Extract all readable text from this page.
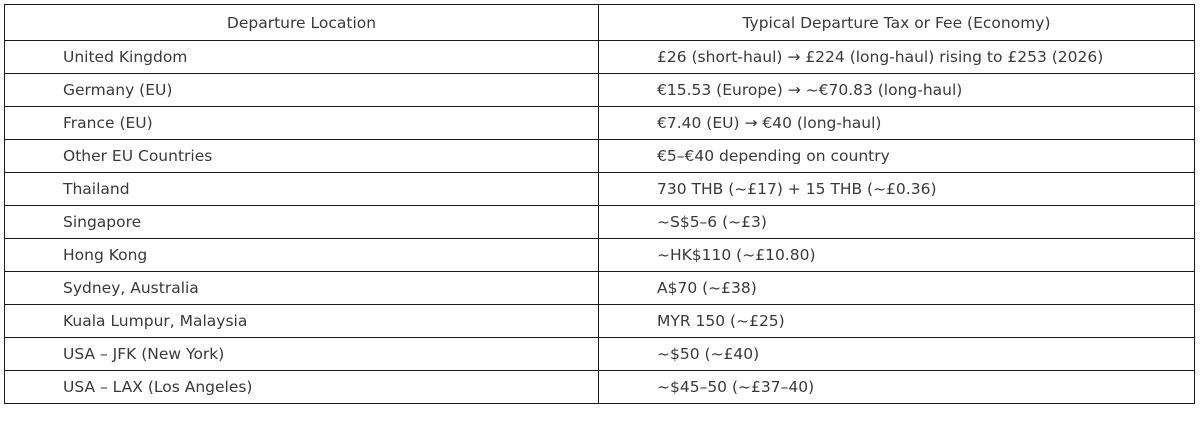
Departure Location	Typical Departure Tax or Fee (Economy)
United Kingdom	£26 (short-haul) → £224 (long-haul) rising to £253 (2026)
Germany (EU)	€15.53 (Europe) → ~€70.83 (long-haul)
France (EU)	€7.40 (EU) → €40 (long-haul)
Other EU Countries	€5–€40 depending on country
Thailand	730 THB (~£17) + 15 THB (~£0.36)
Singapore	~S$5–6 (~£3)
Hong Kong	~HK$110 (~£10.80)
Sydney, Australia	A$70 (~£38)
Kuala Lumpur, Malaysia	MYR 150 (~£25)
USA – JFK (New York)	~$50 (~£40)
USA – LAX (Los Angeles)	~$45–50 (~£37–40)
